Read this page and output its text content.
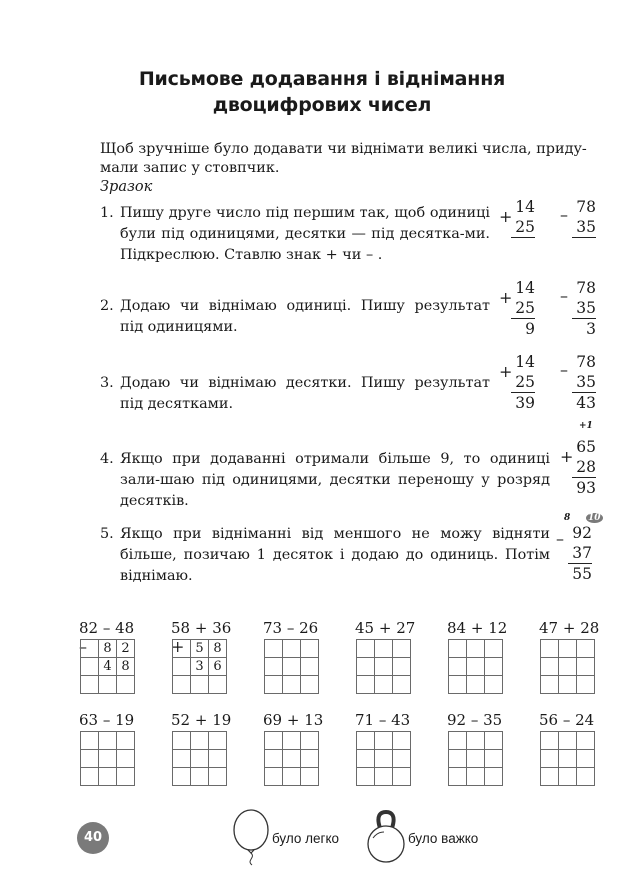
Письмове додавання і віднімання
двоцифрових чисел
Щоб зручніше було додавати чи віднімати великі числа, приду-
мали запис у стовпчик.
Зразок
1. Пишу друге число під першим так, щоб одиниці були під одиницями, десятки — під десятка-ми. Підкреслюю. Ставлю знак + чи – .
2. Додаю чи віднімаю одиниці. Пишу результат під одиницями.
3. Додаю чи віднімаю десятки. Пишу результат під десятками.
4. Якщо при додаванні отримали більше 9, то одиниці зали-шаю під одиницями, десятки переношу у розряд десятків.
5. Якщо при відніманні від меншого не можу відняти більше, позичаю 1 десяток і додаю до одиниць. Потім віднімаю.
+ 14
25
– 78
35
+ 14
25
9
– 78
35
3
+ 14
25
39
– 78
35
43
+1
+ 65
28
93
8 10
– 92
37
55
82 – 48
–
	8	2
	4	8

58 + 36
+
	5	8
	3	6

73 – 26

			45 + 27

			84 + 12

			47 + 28

63 – 19

			52 + 19

			69 + 13

			71 – 43

			92 – 35

			56 – 24

40	було легко	було важко
